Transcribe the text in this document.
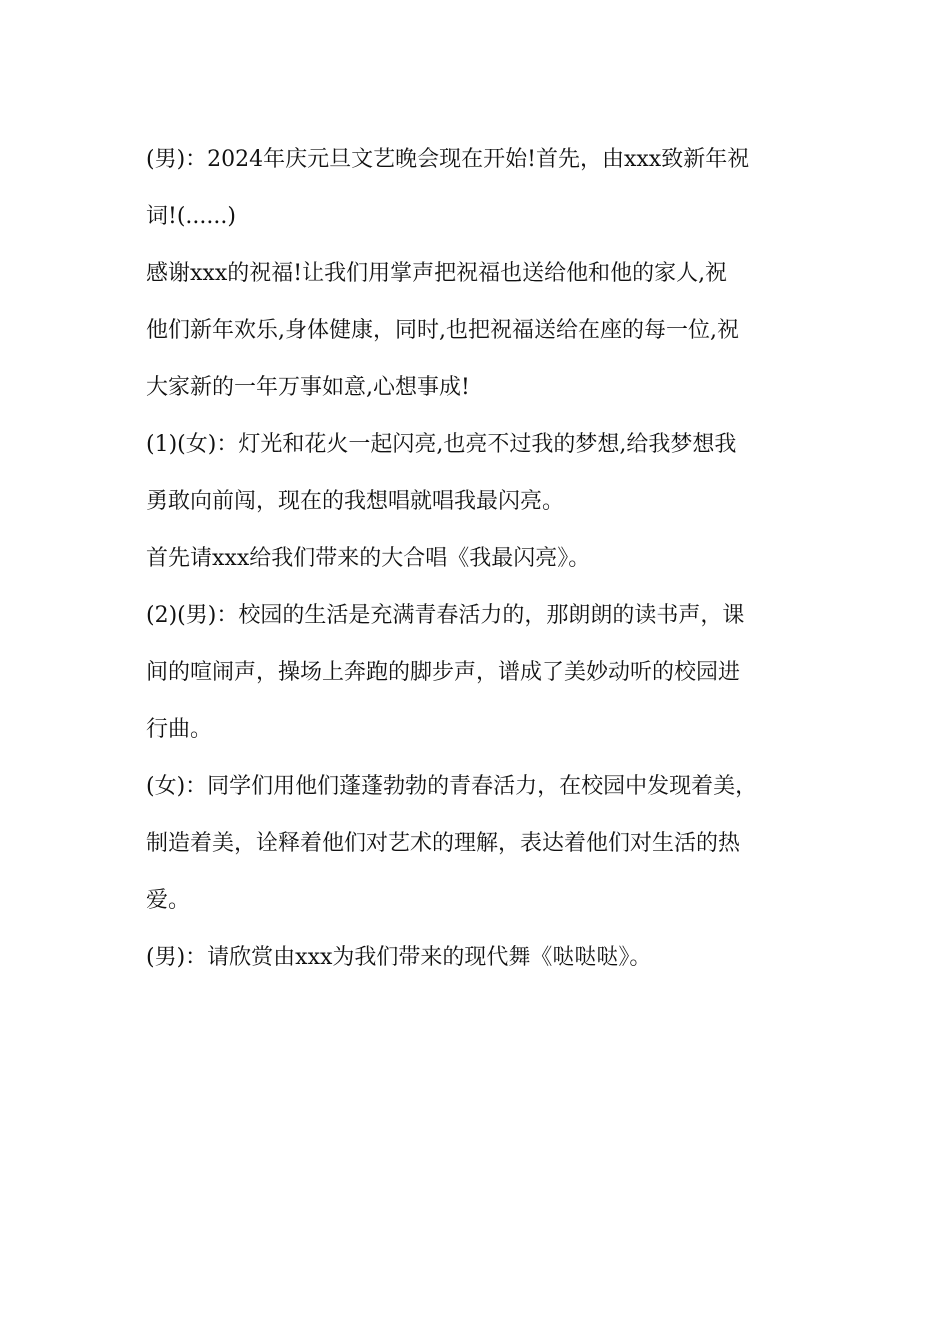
(男)：2024年庆元旦文艺晚会现在开始!首先，由xxx致新年祝
词!(......)

感谢xxx的祝福!让我们用掌声把祝福也送给他和他的家人,祝
他们新年欢乐,身体健康，同时,也把祝福送给在座的每一位,祝
大家新的一年万事如意,心想事成!

(1)(女)：灯光和花火一起闪亮,也亮不过我的梦想,给我梦想我
勇敢向前闯，现在的我想唱就唱我最闪亮。

首先请xxx给我们带来的大合唱《我最闪亮》。

(2)(男)：校园的生活是充满青春活力的，那朗朗的读书声，课
间的喧闹声，操场上奔跑的脚步声，谱成了美妙动听的校园进
行曲。

(女)：同学们用他们蓬蓬勃勃的青春活力，在校园中发现着美，
制造着美，诠释着他们对艺术的理解，表达着他们对生活的热
爱。

(男)：请欣赏由xxx为我们带来的现代舞《哒哒哒》。
